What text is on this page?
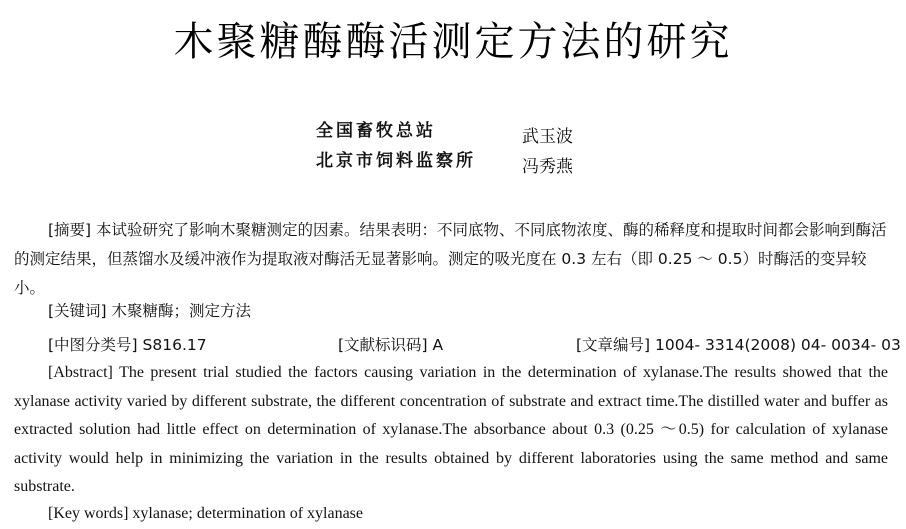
木聚糖酶酶活测定方法的研究
全国畜牧总站
北京市饲料监察所
武玉波
冯秀燕
[摘要] 本试验研究了影响木聚糖测定的因素。结果表明：不同底物、不同底物浓度、酶的稀释度和提取时间都会影响到酶活的测定结果，但蒸馏水及缓冲液作为提取液对酶活无显著影响。测定的吸光度在 0.3 左右（即 0.25 ～ 0.5）时酶活的变异较小。
[关键词] 木聚糖酶；测定方法
[中图分类号] S816.17	[文献标识码] A	[文章编号] 1004- 3314(2008) 04- 0034- 03
[Abstract] The present trial studied the factors causing variation in the determination of xylanase.The results showed that the xylanase activity varied by different substrate, the different concentration of substrate and extract time.The distilled water and buffer as extracted solution had little effect on determination of xylanase.The absorbance about 0.3 (0.25 ～0.5) for calculation of xylanase activity would help in minimizing the variation in the results obtained by different laboratories using the same method and same substrate.
[Key words] xylanase; determination of xylanase
